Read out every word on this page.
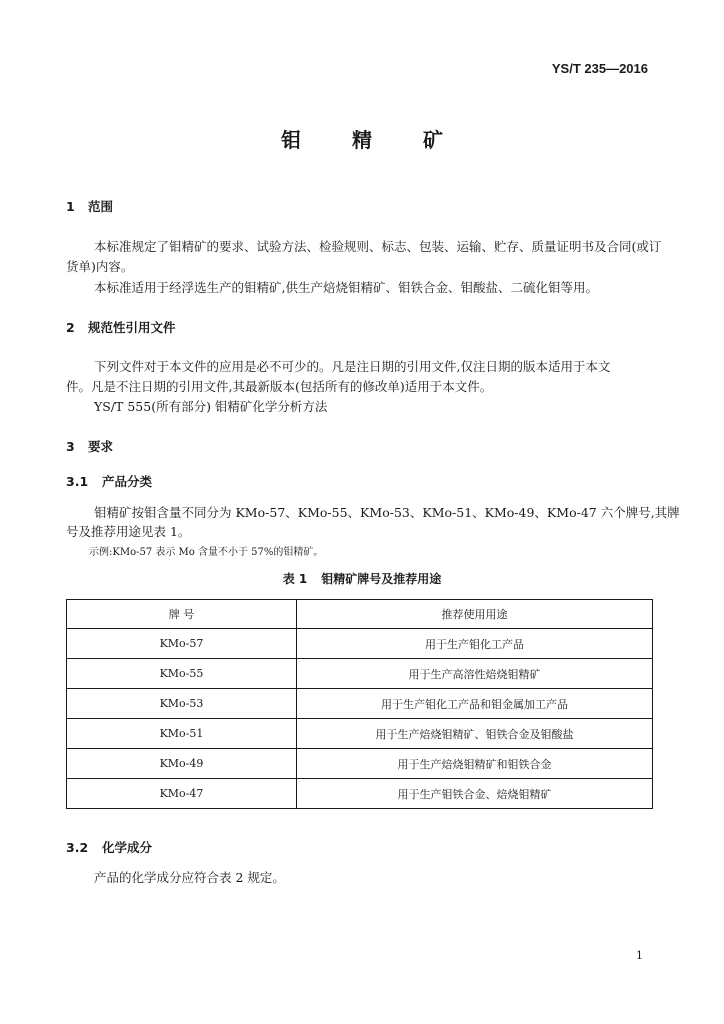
YS/T 235—2016
钼 精 矿
1 范围
本标准规定了钼精矿的要求、试验方法、检验规则、标志、包装、运输、贮存、质量证明书及合同(或订
货单)内容。
本标准适用于经浮选生产的钼精矿,供生产焙烧钼精矿、钼铁合金、钼酸盐、二硫化钼等用。
2 规范性引用文件
下列文件对于本文件的应用是必不可少的。凡是注日期的引用文件,仅注日期的版本适用于本文
件。凡是不注日期的引用文件,其最新版本(包括所有的修改单)适用于本文件。
YS/T 555(所有部分) 钼精矿化学分析方法
3 要求
3.1 产品分类
钼精矿按钼含量不同分为 KMo-57、KMo-55、KMo-53、KMo-51、KMo-49、KMo-47 六个牌号,其牌
号及推荐用途见表 1。
示例:KMo-57 表示 Mo 含量不小于 57%的钼精矿。
表 1 钼精矿牌号及推荐用途
牌 号	推荐使用用途
KMo-57	用于生产钼化工产品
KMo-55	用于生产高溶性焙烧钼精矿
KMo-53	用于生产钼化工产品和钼金属加工产品
KMo-51	用于生产焙烧钼精矿、钼铁合金及钼酸盐
KMo-49	用于生产焙烧钼精矿和钼铁合金
KMo-47	用于生产钼铁合金、焙烧钼精矿
3.2 化学成分
产品的化学成分应符合表 2 规定。
1
